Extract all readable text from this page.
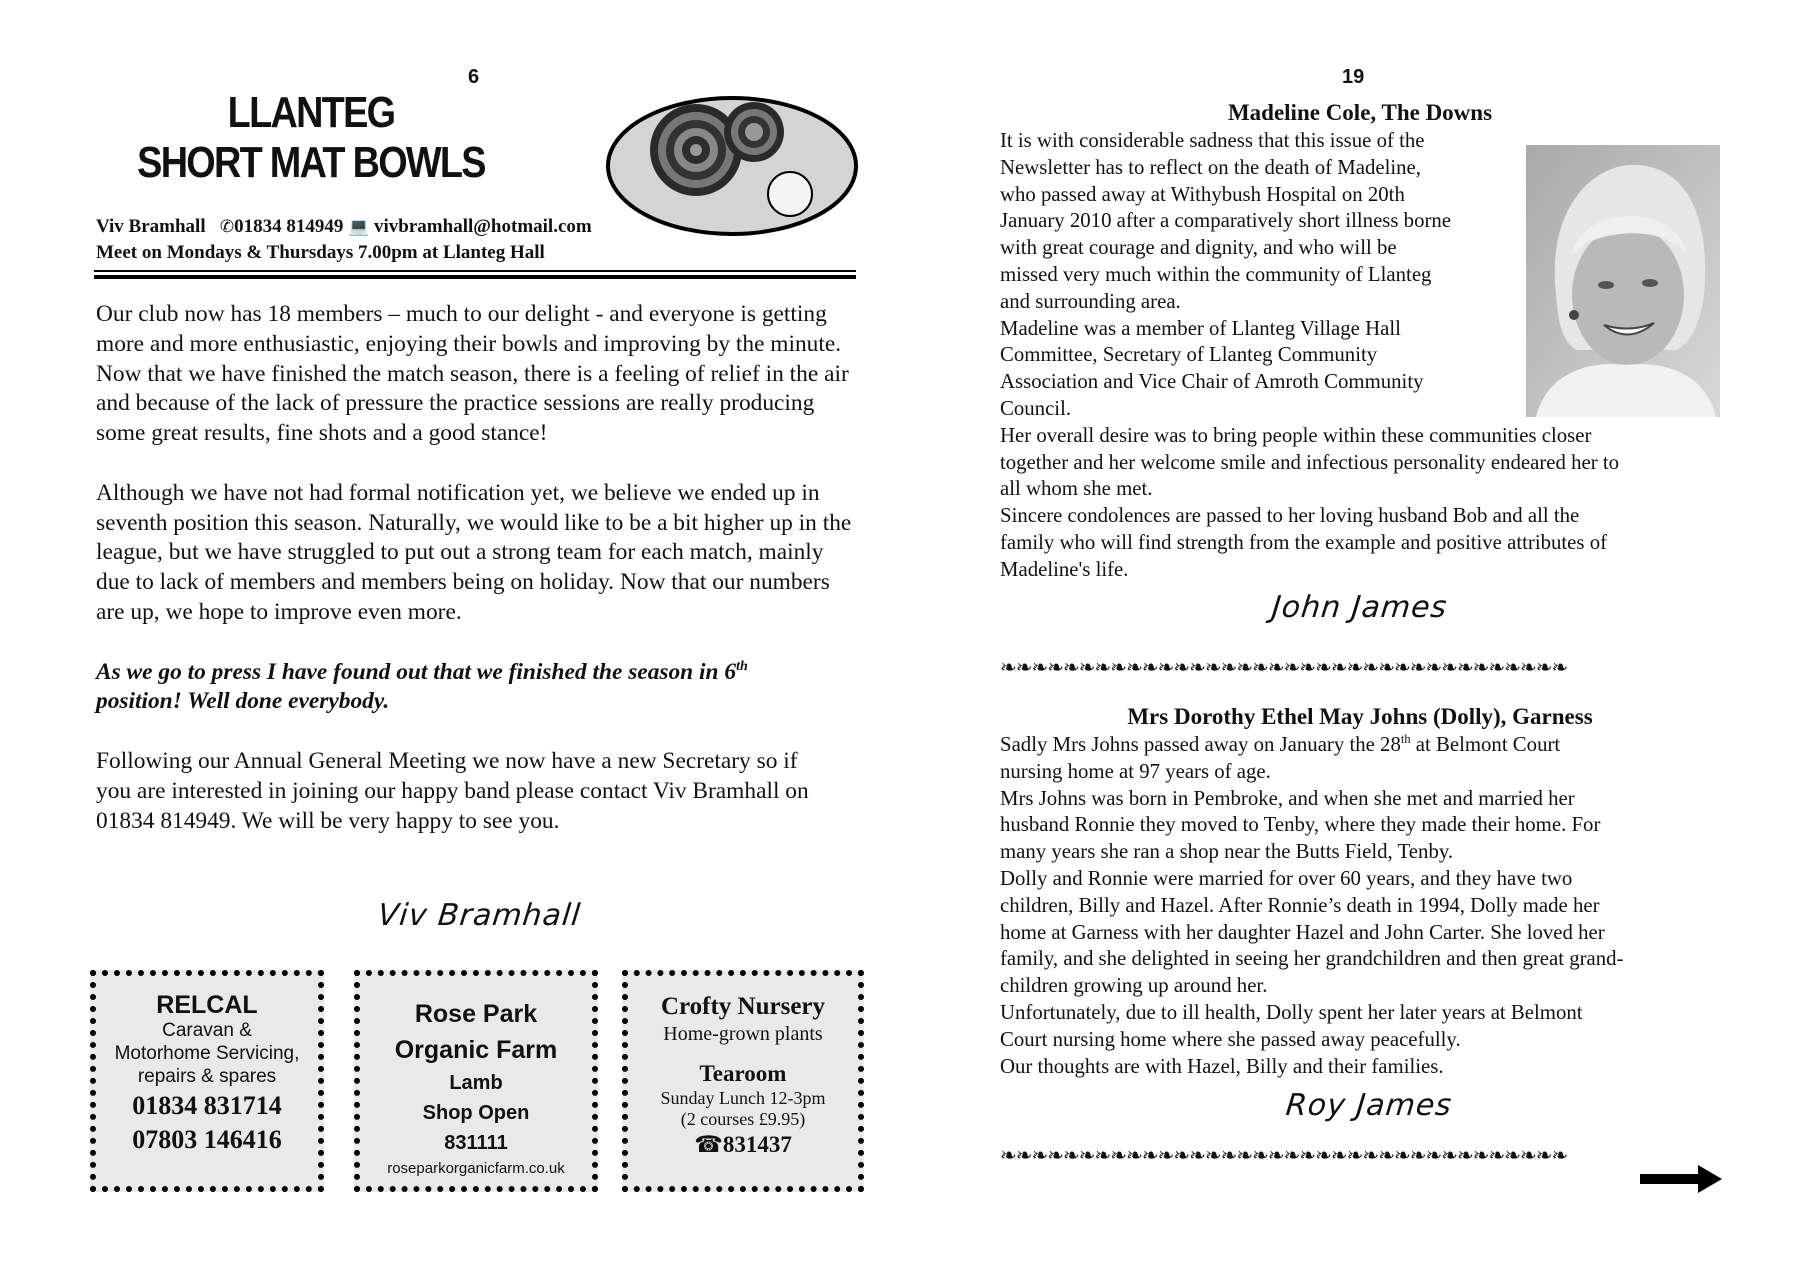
6
LLANTEG
SHORT MAT BOWLS
Viv Bramhall ✆01834 814949 💻 vivbramhall@hotmail.com
Meet on Mondays & Thursdays 7.00pm at Llanteg Hall

Our club now has 18 members – much to our delight - and everyone is getting more and more enthusiastic, enjoying their bowls and improving by the minute. Now that we have finished the match season, there is a feeling of relief in the air and because of the lack of pressure the practice sessions are really producing some great results, fine shots and a good stance!

Although we have not had formal notification yet, we believe we ended up in seventh position this season. Naturally, we would like to be a bit higher up in the league, but we have struggled to put out a strong team for each match, mainly due to lack of members and members being on holiday. Now that our numbers are up, we hope to improve even more.

As we go to press I have found out that we finished the season in 6th position! Well done everybody.

Following our Annual General Meeting we now have a new Secretary so if you are interested in joining our happy band please contact Viv Bramhall on 01834 814949. We will be very happy to see you.

Viv Bramhall
RELCAL
Caravan &
Motorhome Servicing,
repairs & spares
01834 831714
07803 146416
Rose Park
Organic Farm
Lamb
Shop Open
831111
roseparkorganicfarm.co.uk
Crofty Nursery
Home-grown plants
Tearoom
Sunday Lunch 12-3pm
(2 courses £9.95)
☎831437
19
Madeline Cole, The Downs
It is with considerable sadness that this issue of the
Newsletter has to reflect on the death of Madeline,
who passed away at Withybush Hospital on 20th
January 2010 after a comparatively short illness borne
with great courage and dignity, and who will be
missed very much within the community of Llanteg
and surrounding area.
Madeline was a member of Llanteg Village Hall
Committee, Secretary of Llanteg Community
Association and Vice Chair of Amroth Community
Council.
Her overall desire was to bring people within these communities closer
together and her welcome smile and infectious personality endeared her to
all whom she met.
Sincere condolences are passed to her loving husband Bob and all the
family who will find strength from the example and positive attributes of
Madeline's life.
John James
❧❧❧❧❧❧❧❧❧❧❧❧❧❧❧❧❧❧❧❧❧❧❧❧❧❧❧❧❧❧❧❧❧❧❧❧
Mrs Dorothy Ethel May Johns (Dolly), Garness
Sadly Mrs Johns passed away on January the 28th at Belmont Court
nursing home at 97 years of age.
Mrs Johns was born in Pembroke, and when she met and married her
husband Ronnie they moved to Tenby, where they made their home. For
many years she ran a shop near the Butts Field, Tenby.
Dolly and Ronnie were married for over 60 years, and they have two
children, Billy and Hazel. After Ronnie’s death in 1994, Dolly made her
home at Garness with her daughter Hazel and John Carter. She loved her
family, and she delighted in seeing her grandchildren and then great grand-
children growing up around her.
Unfortunately, due to ill health, Dolly spent her later years at Belmont
Court nursing home where she passed away peacefully.
Our thoughts are with Hazel, Billy and their families.
Roy James
❧❧❧❧❧❧❧❧❧❧❧❧❧❧❧❧❧❧❧❧❧❧❧❧❧❧❧❧❧❧❧❧❧❧❧❧
